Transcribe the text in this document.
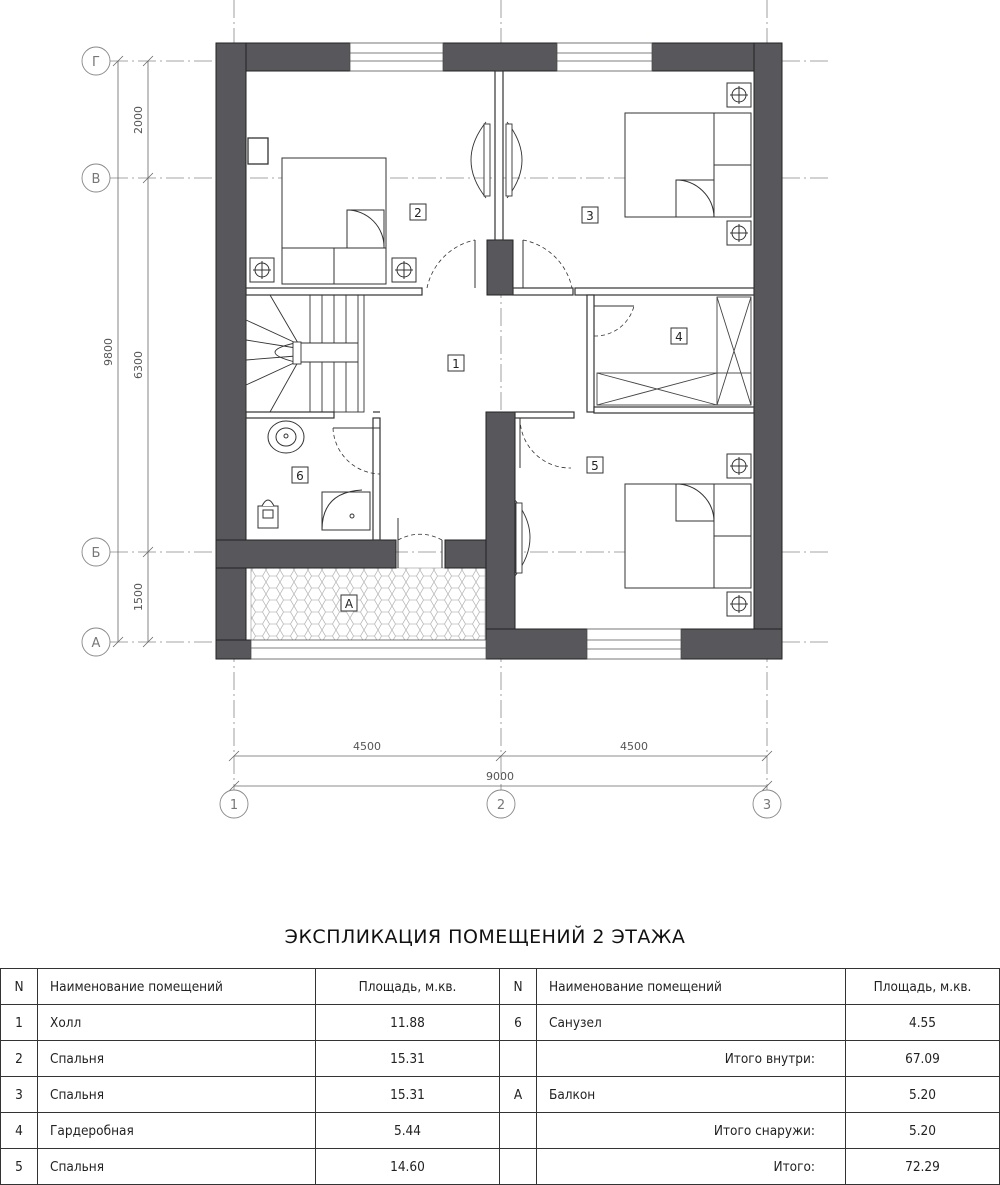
2000
9800 6300
1500
Г
В
Б
А
4500	4500
9000
1	2	3
1
2	3
4
5
6
А
ЭКСПЛИКАЦИЯ ПОМЕЩЕНИЙ 2 ЭТАЖА
N	Наименование помещений	Площадь, м.кв.	N	Наименование помещений	Площадь, м.кв.
1	Холл	11.88	6	Санузел	4.55
2	Спальня	15.31		Итого внутри:	67.09
3	Спальня	15.31	А	Балкон	5.20
4	Гардеробная	5.44		Итого снаружи:	5.20
5	Спальня	14.60		Итого:	72.29
